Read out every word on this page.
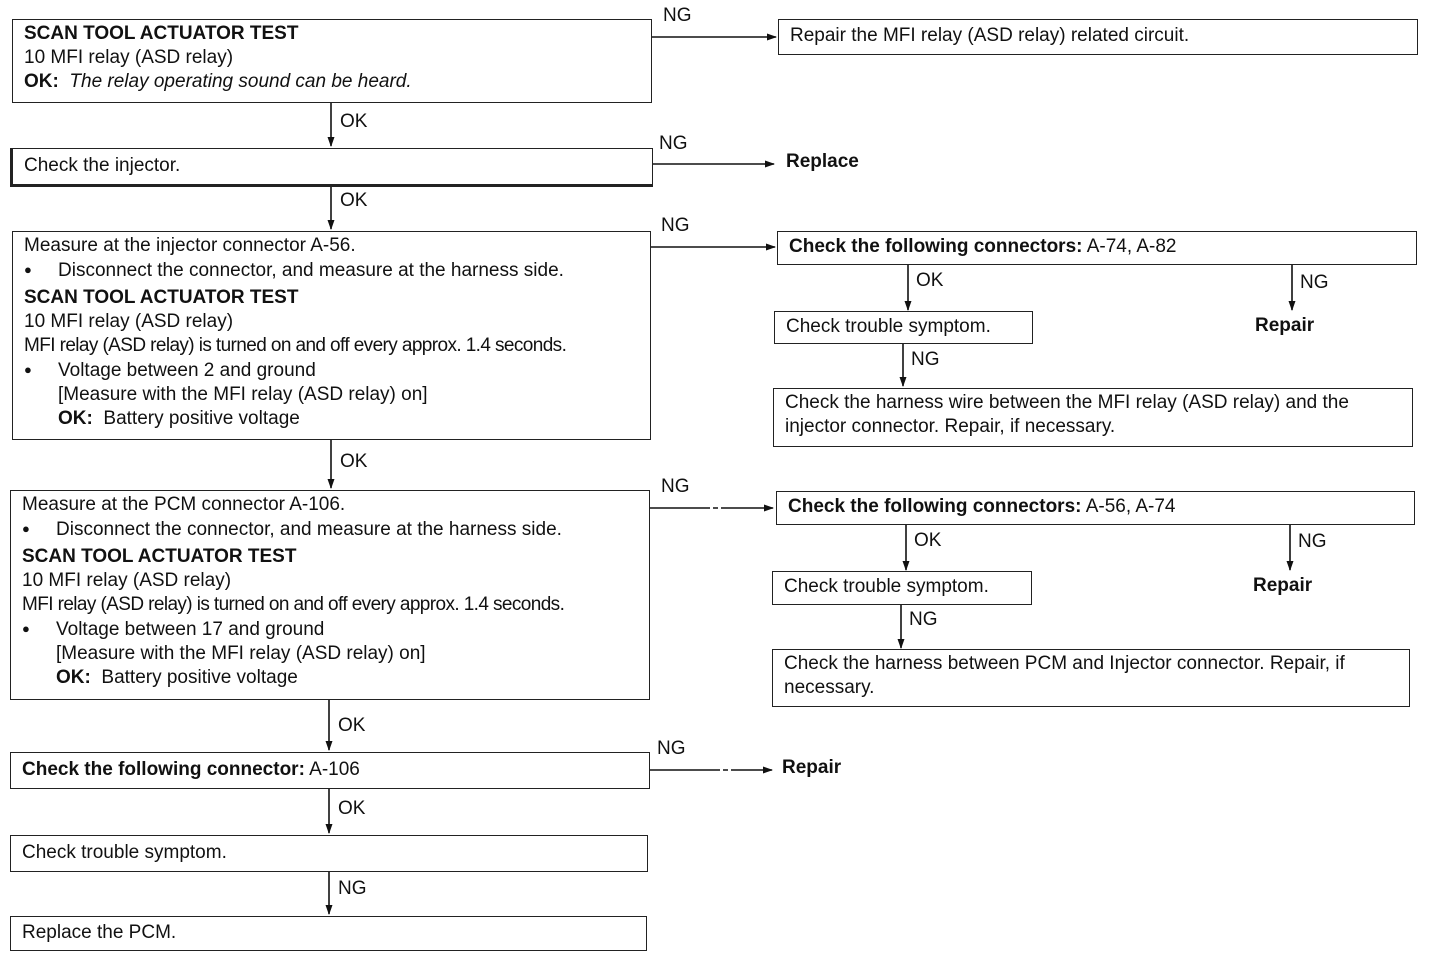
SCAN TOOL ACTUATOR TEST
10 MFI relay (ASD relay)
OK: The relay operating sound can be heard.
NG
Repair the MFI relay (ASD relay) related circuit.
OK
Check the injector.
NG
Replace
OK
Measure at the injector connector A-56.
● Disconnect the connector, and measure at the harness side.
SCAN TOOL ACTUATOR TEST
10 MFI relay (ASD relay)
MFI relay (ASD relay) is turned on and off every approx. 1.4 seconds.
● Voltage between 2 and ground
[Measure with the MFI relay (ASD relay) on]
OK: Battery positive voltage
NG
OK
Check the following connectors: A-74, A-82
OK	NG
Check trouble symptom.	Repair
NG
Check the harness wire between the MFI relay (ASD relay) and the injector connector. Repair, if necessary.
Measure at the PCM connector A-106.
● Disconnect the connector, and measure at the harness side.
SCAN TOOL ACTUATOR TEST
10 MFI relay (ASD relay)
MFI relay (ASD relay) is turned on and off every approx. 1.4 seconds.
● Voltage between 17 and ground
[Measure with the MFI relay (ASD relay) on]
OK: Battery positive voltage
NG
OK
Check the following connectors: A-56, A-74
OK	NG
Check trouble symptom.	Repair
NG
Check the harness between PCM and Injector connector. Repair, if necessary.
Check the following connector: A-106
NG
Repair
OK
Check trouble symptom.
NG
Replace the PCM.
